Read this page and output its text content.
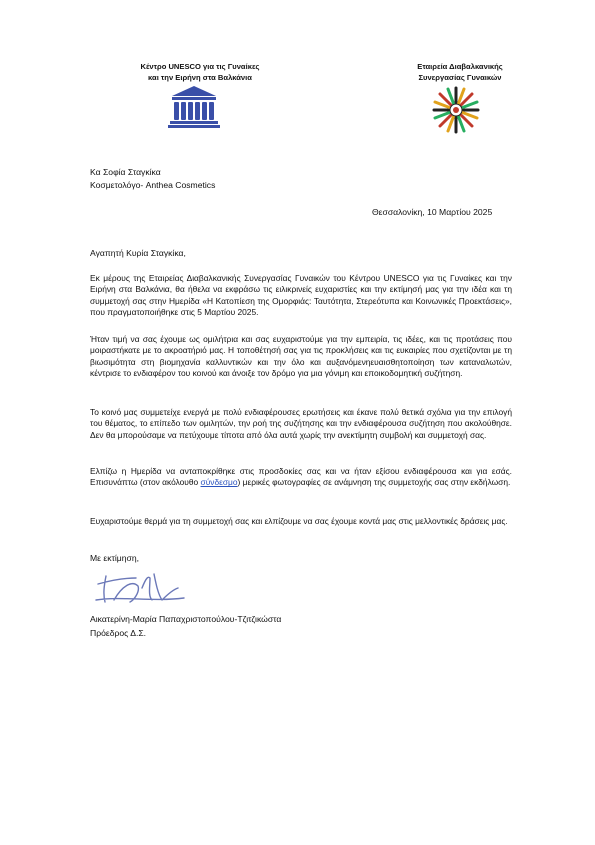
Κέντρο UNESCO για τις Γυναίκες
και την Ειρήνη στα Βαλκάνια
Εταιρεία Διαβαλκανικής
Συνεργασίας Γυναικών
Κα Σοφία Σταγκίκα
Κοσμετολόγο- Anthea Cosmetics
Θεσσαλονίκη, 10 Μαρτίου 2025
Αγαπητή Κυρία Σταγκίκα,
Εκ μέρους της Εταιρείας Διαβαλκανικής Συνεργασίας Γυναικών του Κέντρου UNESCO για τις Γυναίκες και την Ειρήνη στα Βαλκάνια, θα ήθελα να εκφράσω τις ειλικρινείς ευχαριστίες και την εκτίμησή μας για την ιδέα και τη συμμετοχή σας στην Ημερίδα «Η Κατοπίεση της Ομορφιάς: Ταυτότητα, Στερεότυπα και Κοινωνικές Προεκτάσεις», που πραγματοποιήθηκε στις 5 Μαρτίου 2025.
Ήταν τιμή να σας έχουμε ως ομιλήτρια και σας ευχαριστούμε για την εμπειρία, τις ιδέες, και τις προτάσεις που μοιραστήκατε με το ακροατήριό μας. Η τοποθέτησή σας για τις προκλήσεις και τις ευκαιρίες που σχετίζονται με τη βιωσιμότητα στη βιομηχανία καλλυντικών και την όλο και αυξανόμενηευαισθητοποίηση των καταναλωτών, κέντρισε το ενδιαφέρον του κοινού και άνοιξε τον δρόμο για μια γόνιμη και εποικοδομητική συζήτηση.
Το κοινό μας συμμετείχε ενεργά με πολύ ενδιαφέρουσες ερωτήσεις και έκανε πολύ θετικά σχόλια για την επιλογή του θέματος, το επίπεδο των ομιλητών, την ροή της συζήτησης και την ενδιαφέρουσα συζήτηση που ακολούθησε. Δεν θα μπορούσαμε να πετύχουμε τίποτα από όλα αυτά χωρίς την ανεκτίμητη συμβολή και συμμετοχή σας.
Ελπίζω η Ημερίδα να ανταποκρίθηκε στις προσδοκίες σας και να ήταν εξίσου ενδιαφέρουσα και για εσάς. Επισυνάπτω (στον ακόλουθο σύνδεσμο) μερικές φωτογραφίες σε ανάμνηση της συμμετοχής σας στην εκδήλωση.
Ευχαριστούμε θερμά για τη συμμετοχή σας και ελπίζουμε να σας έχουμε κοντά μας στις μελλοντικές δράσεις μας.
Με εκτίμηση,
Αικατερίνη-Μαρία Παπαχριστοπούλου-Τζιτζικώστα
Πρόεδρος Δ.Σ.
